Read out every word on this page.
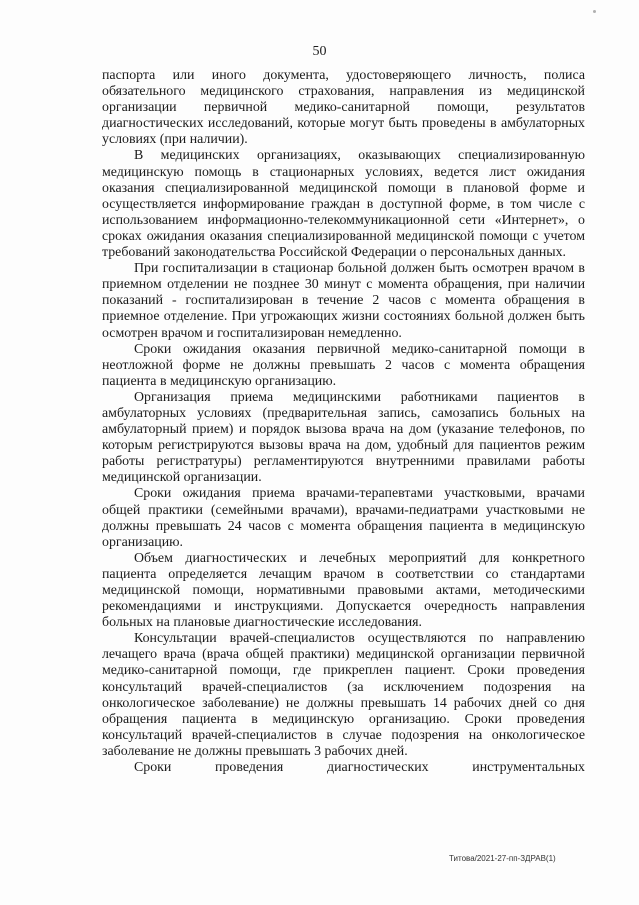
50

паспорта или иного документа, удостоверяющего личность, полиса обязательного медицинского страхования, направления из медицинской организации первичной медико-санитарной помощи, результатов диагностических исследований, которые могут быть проведены в амбулаторных условиях (при наличии).

В медицинских организациях, оказывающих специализированную медицинскую помощь в стационарных условиях, ведется лист ожидания оказания специализированной медицинской помощи в плановой форме и осуществляется информирование граждан в доступной форме, в том числе с использованием информационно-телекоммуникационной сети «Интернет», о сроках ожидания оказания специализированной медицинской помощи с учетом требований законодательства Российской Федерации о персональных данных.

При госпитализации в стационар больной должен быть осмотрен врачом в приемном отделении не позднее 30 минут с момента обращения, при наличии показаний - госпитализирован в течение 2 часов с момента обращения в приемное отделение. При угрожающих жизни состояниях больной должен быть осмотрен врачом и госпитализирован немедленно.

Сроки ожидания оказания первичной медико-санитарной помощи в неотложной форме не должны превышать 2 часов с момента обращения пациента в медицинскую организацию.

Организация приема медицинскими работниками пациентов в амбулаторных условиях (предварительная запись, самозапись больных на амбулаторный прием) и порядок вызова врача на дом (указание телефонов, по которым регистрируются вызовы врача на дом, удобный для пациентов режим работы регистратуры) регламентируются внутренними правилами работы медицинской организации.

Сроки ожидания приема врачами-терапевтами участковыми, врачами общей практики (семейными врачами), врачами-педиатрами участковыми не должны превышать 24 часов с момента обращения пациента в медицинскую организацию.

Объем диагностических и лечебных мероприятий для конкретного пациента определяется лечащим врачом в соответствии со стандартами медицинской помощи, нормативными правовыми актами, методическими рекомендациями и инструкциями. Допускается очередность направления больных на плановые диагностические исследования.

Консультации врачей-специалистов осуществляются по направлению лечащего врача (врача общей практики) медицинской организации первичной медико-санитарной помощи, где прикреплен пациент. Сроки проведения консультаций врачей-специалистов (за исключением подозрения на онкологическое заболевание) не должны превышать 14 рабочих дней со дня обращения пациента в медицинскую организацию. Сроки проведения консультаций врачей-специалистов в случае подозрения на онкологическое заболевание не должны превышать 3 рабочих дней.

Сроки проведения диагностических инструментальных

Титова/2021-27-пп-ЗДРАВ(1)
